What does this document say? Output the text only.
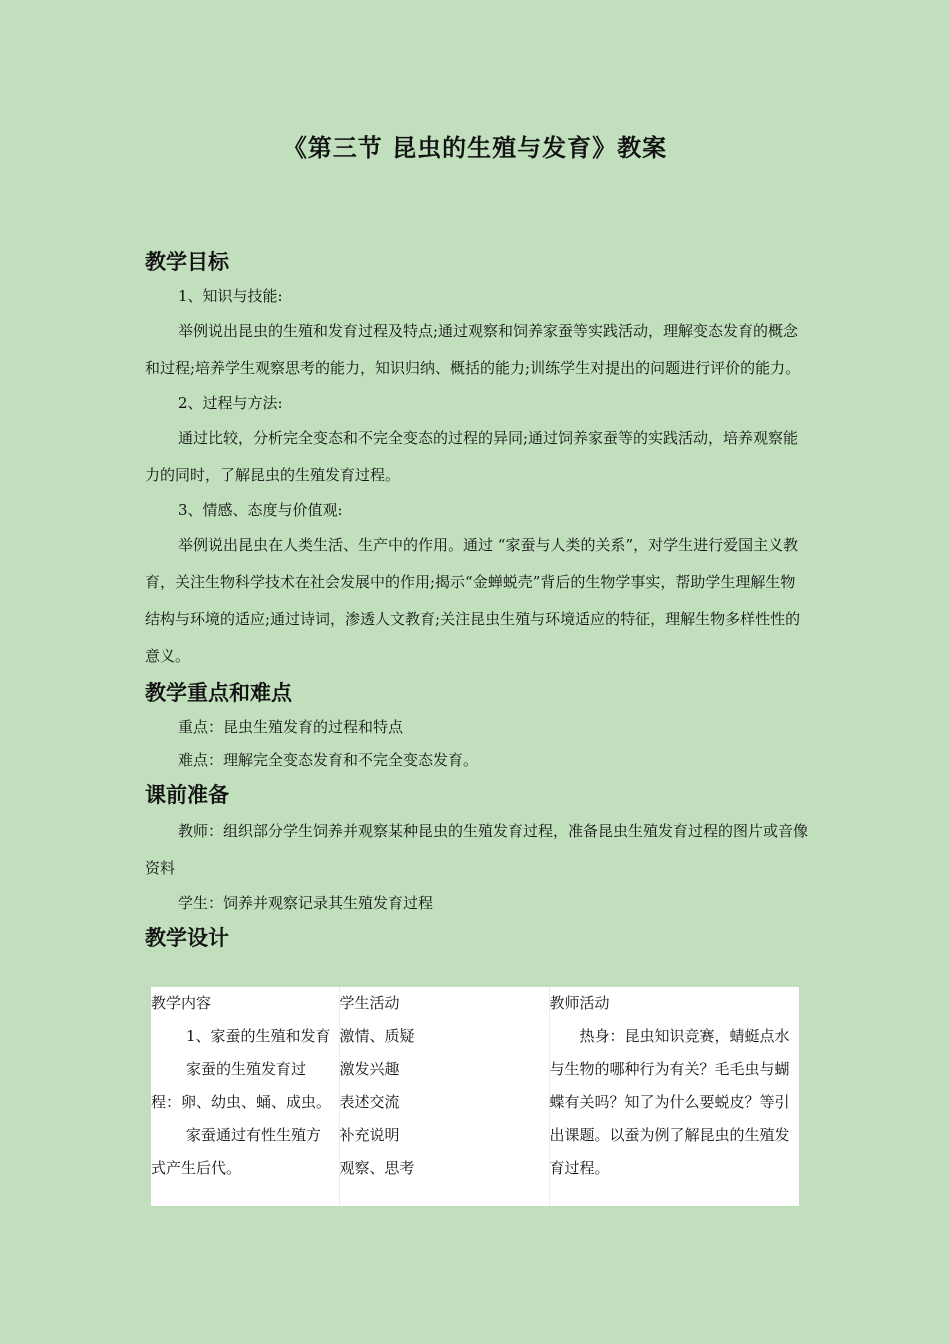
《第三节 昆虫的生殖与发育》教案
教学目标

1、知识与技能:

举例说出昆虫的生殖和发育过程及特点;通过观察和饲养家蚕等实践活动，理解变态发育的概念和过程;培养学生观察思考的能力，知识归纳、概括的能力;训练学生对提出的问题进行评价的能力。

2、过程与方法:

通过比较，分析完全变态和不完全变态的过程的异同;通过饲养家蚕等的实践活动，培养观察能力的同时，了解昆虫的生殖发育过程。

3、情感、态度与价值观:

举例说出昆虫在人类生活、生产中的作用。通过 “家蚕与人类的关系”，对学生进行爱国主义教育，关注生物科学技术在社会发展中的作用;揭示“金蝉蜕壳”背后的生物学事实，帮助学生理解生物结构与环境的适应;通过诗词，渗透人文教育;关注昆虫生殖与环境适应的特征，理解生物多样性性的意义。

教学重点和难点

重点：昆虫生殖发育的过程和特点

难点：理解完全变态发育和不完全变态发育。

课前准备

教师：组织部分学生饲养并观察某种昆虫的生殖发育过程，准备昆虫生殖发育过程的图片或音像资料

学生：饲养并观察记录其生殖发育过程

教学设计
教学内容	学生活动	教师活动

1、家蚕的生殖和发育
家蚕的生殖发育过
程：卵、幼虫、蛹、成虫。
家蚕通过有性生殖方
式产生后代。	激情、质疑
激发兴趣
表述交流
补充说明
观察、思考	热身：昆虫知识竞赛，蜻蜓点水与生物的哪种行为有关？毛毛虫与蝴蝶有关吗？知了为什么要蜕皮？等引出课题。以蚕为例了解昆虫的生殖发育过程。
